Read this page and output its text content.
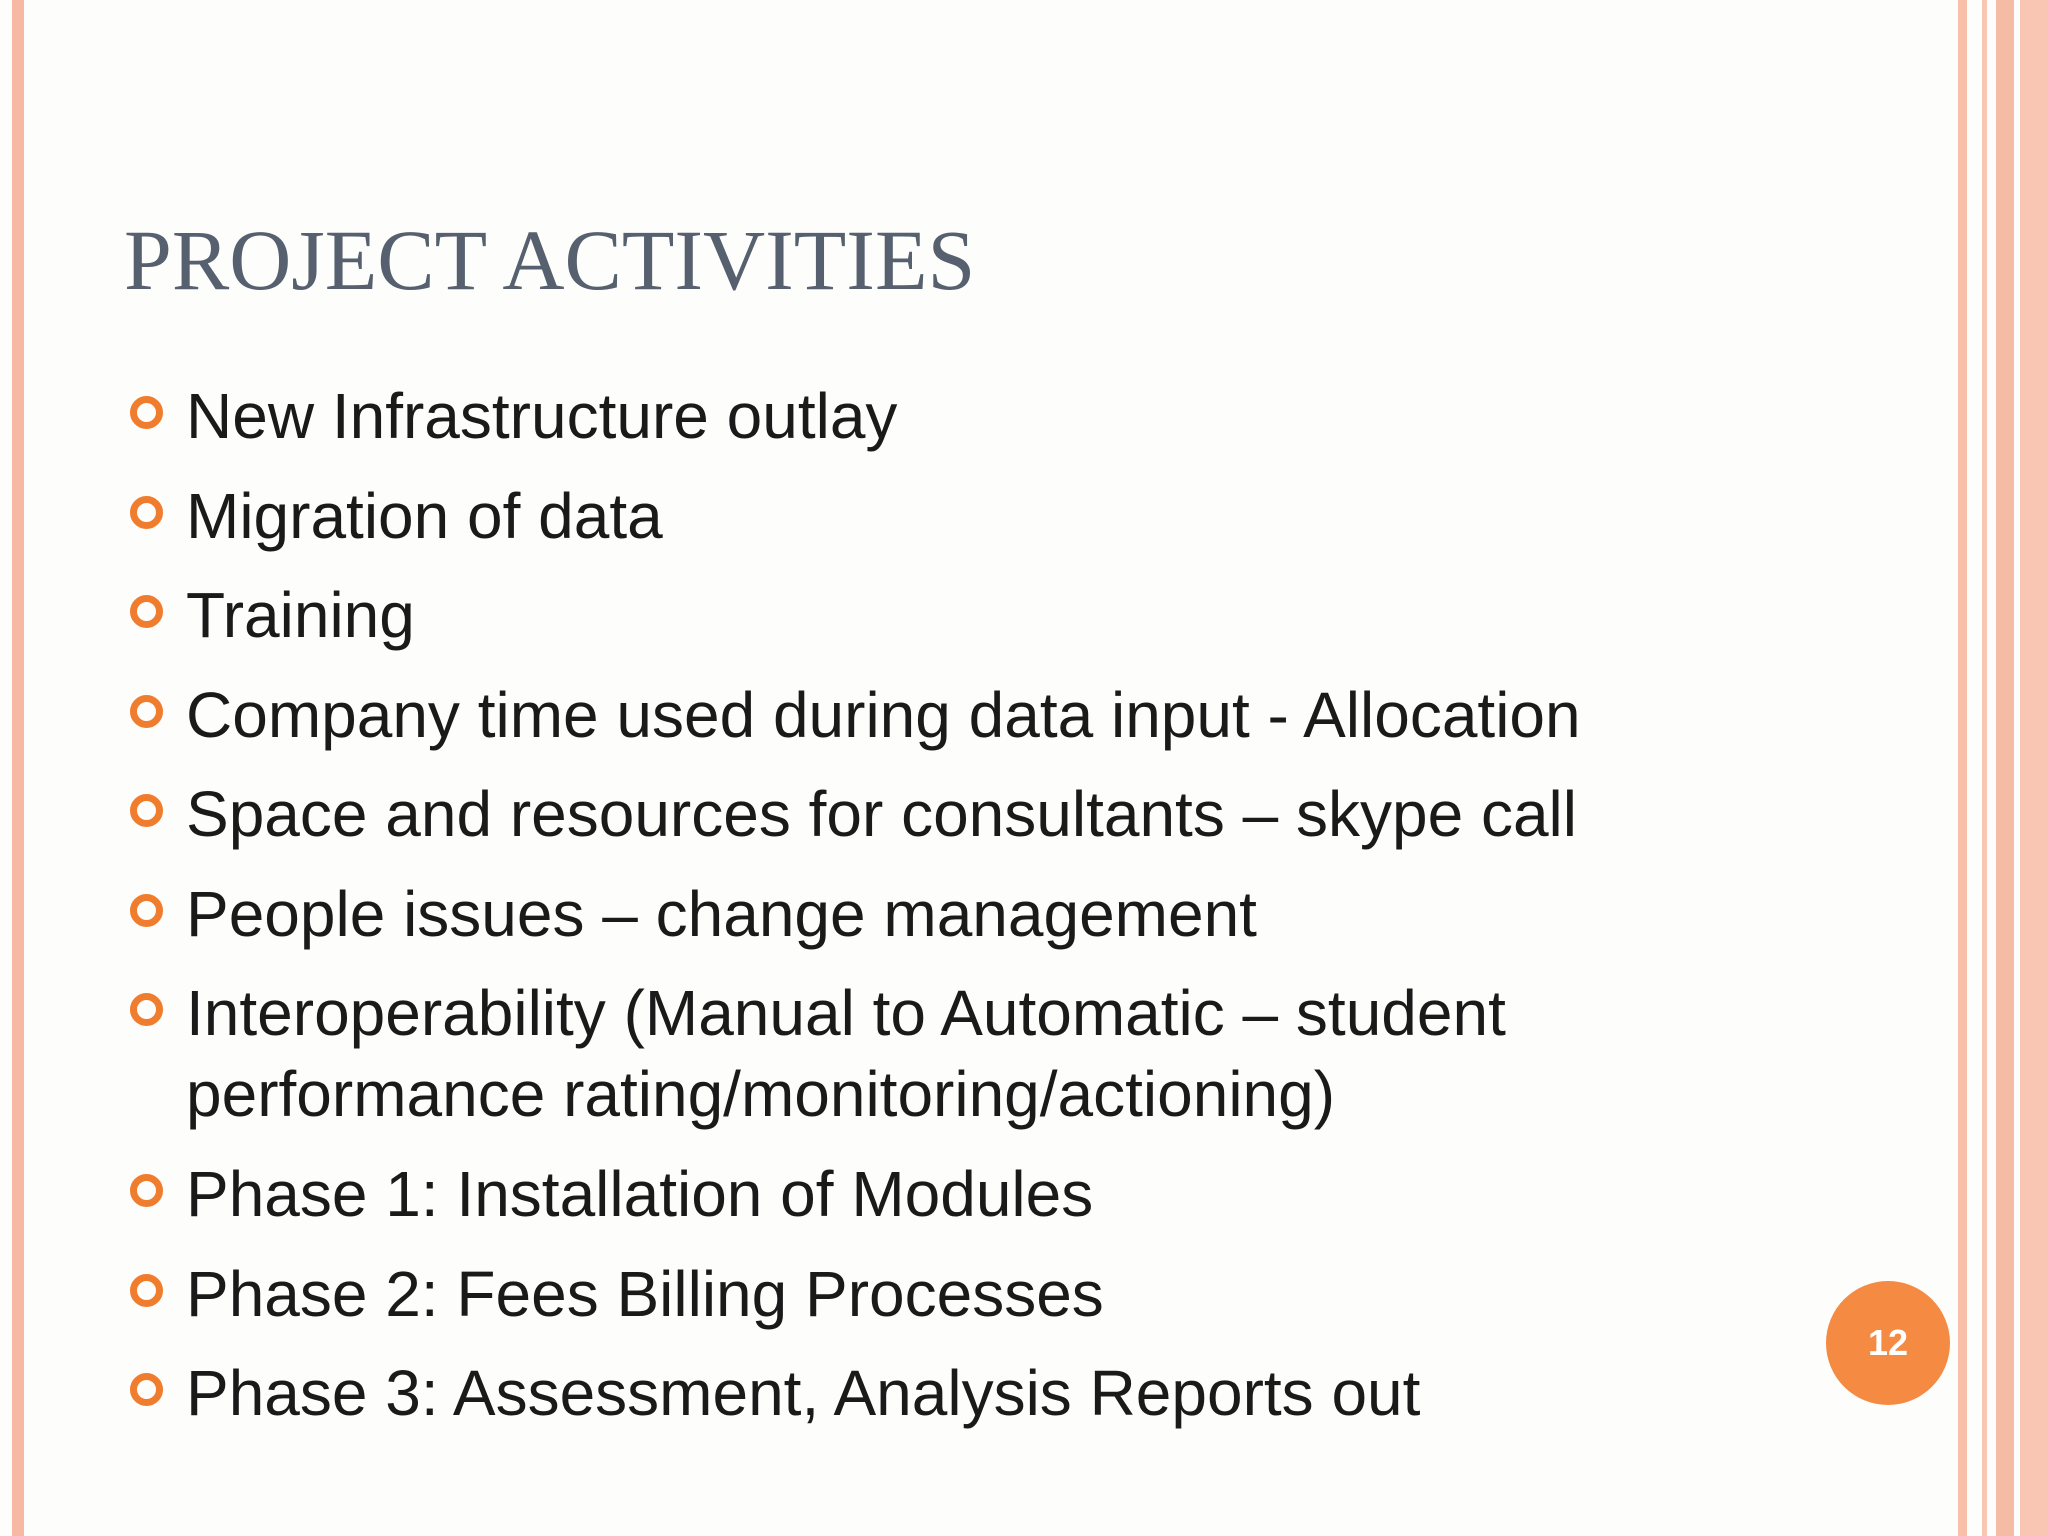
PROJECT ACTIVITIES
New Infrastructure outlay
Migration of data
Training
Company time used during data input - Allocation
Space and resources for consultants – skype call
People issues – change management
Interoperability (Manual to Automatic – student performance rating/monitoring/actioning)
Phase 1: Installation of Modules
Phase 2: Fees Billing Processes
Phase 3: Assessment, Analysis Reports out
12
